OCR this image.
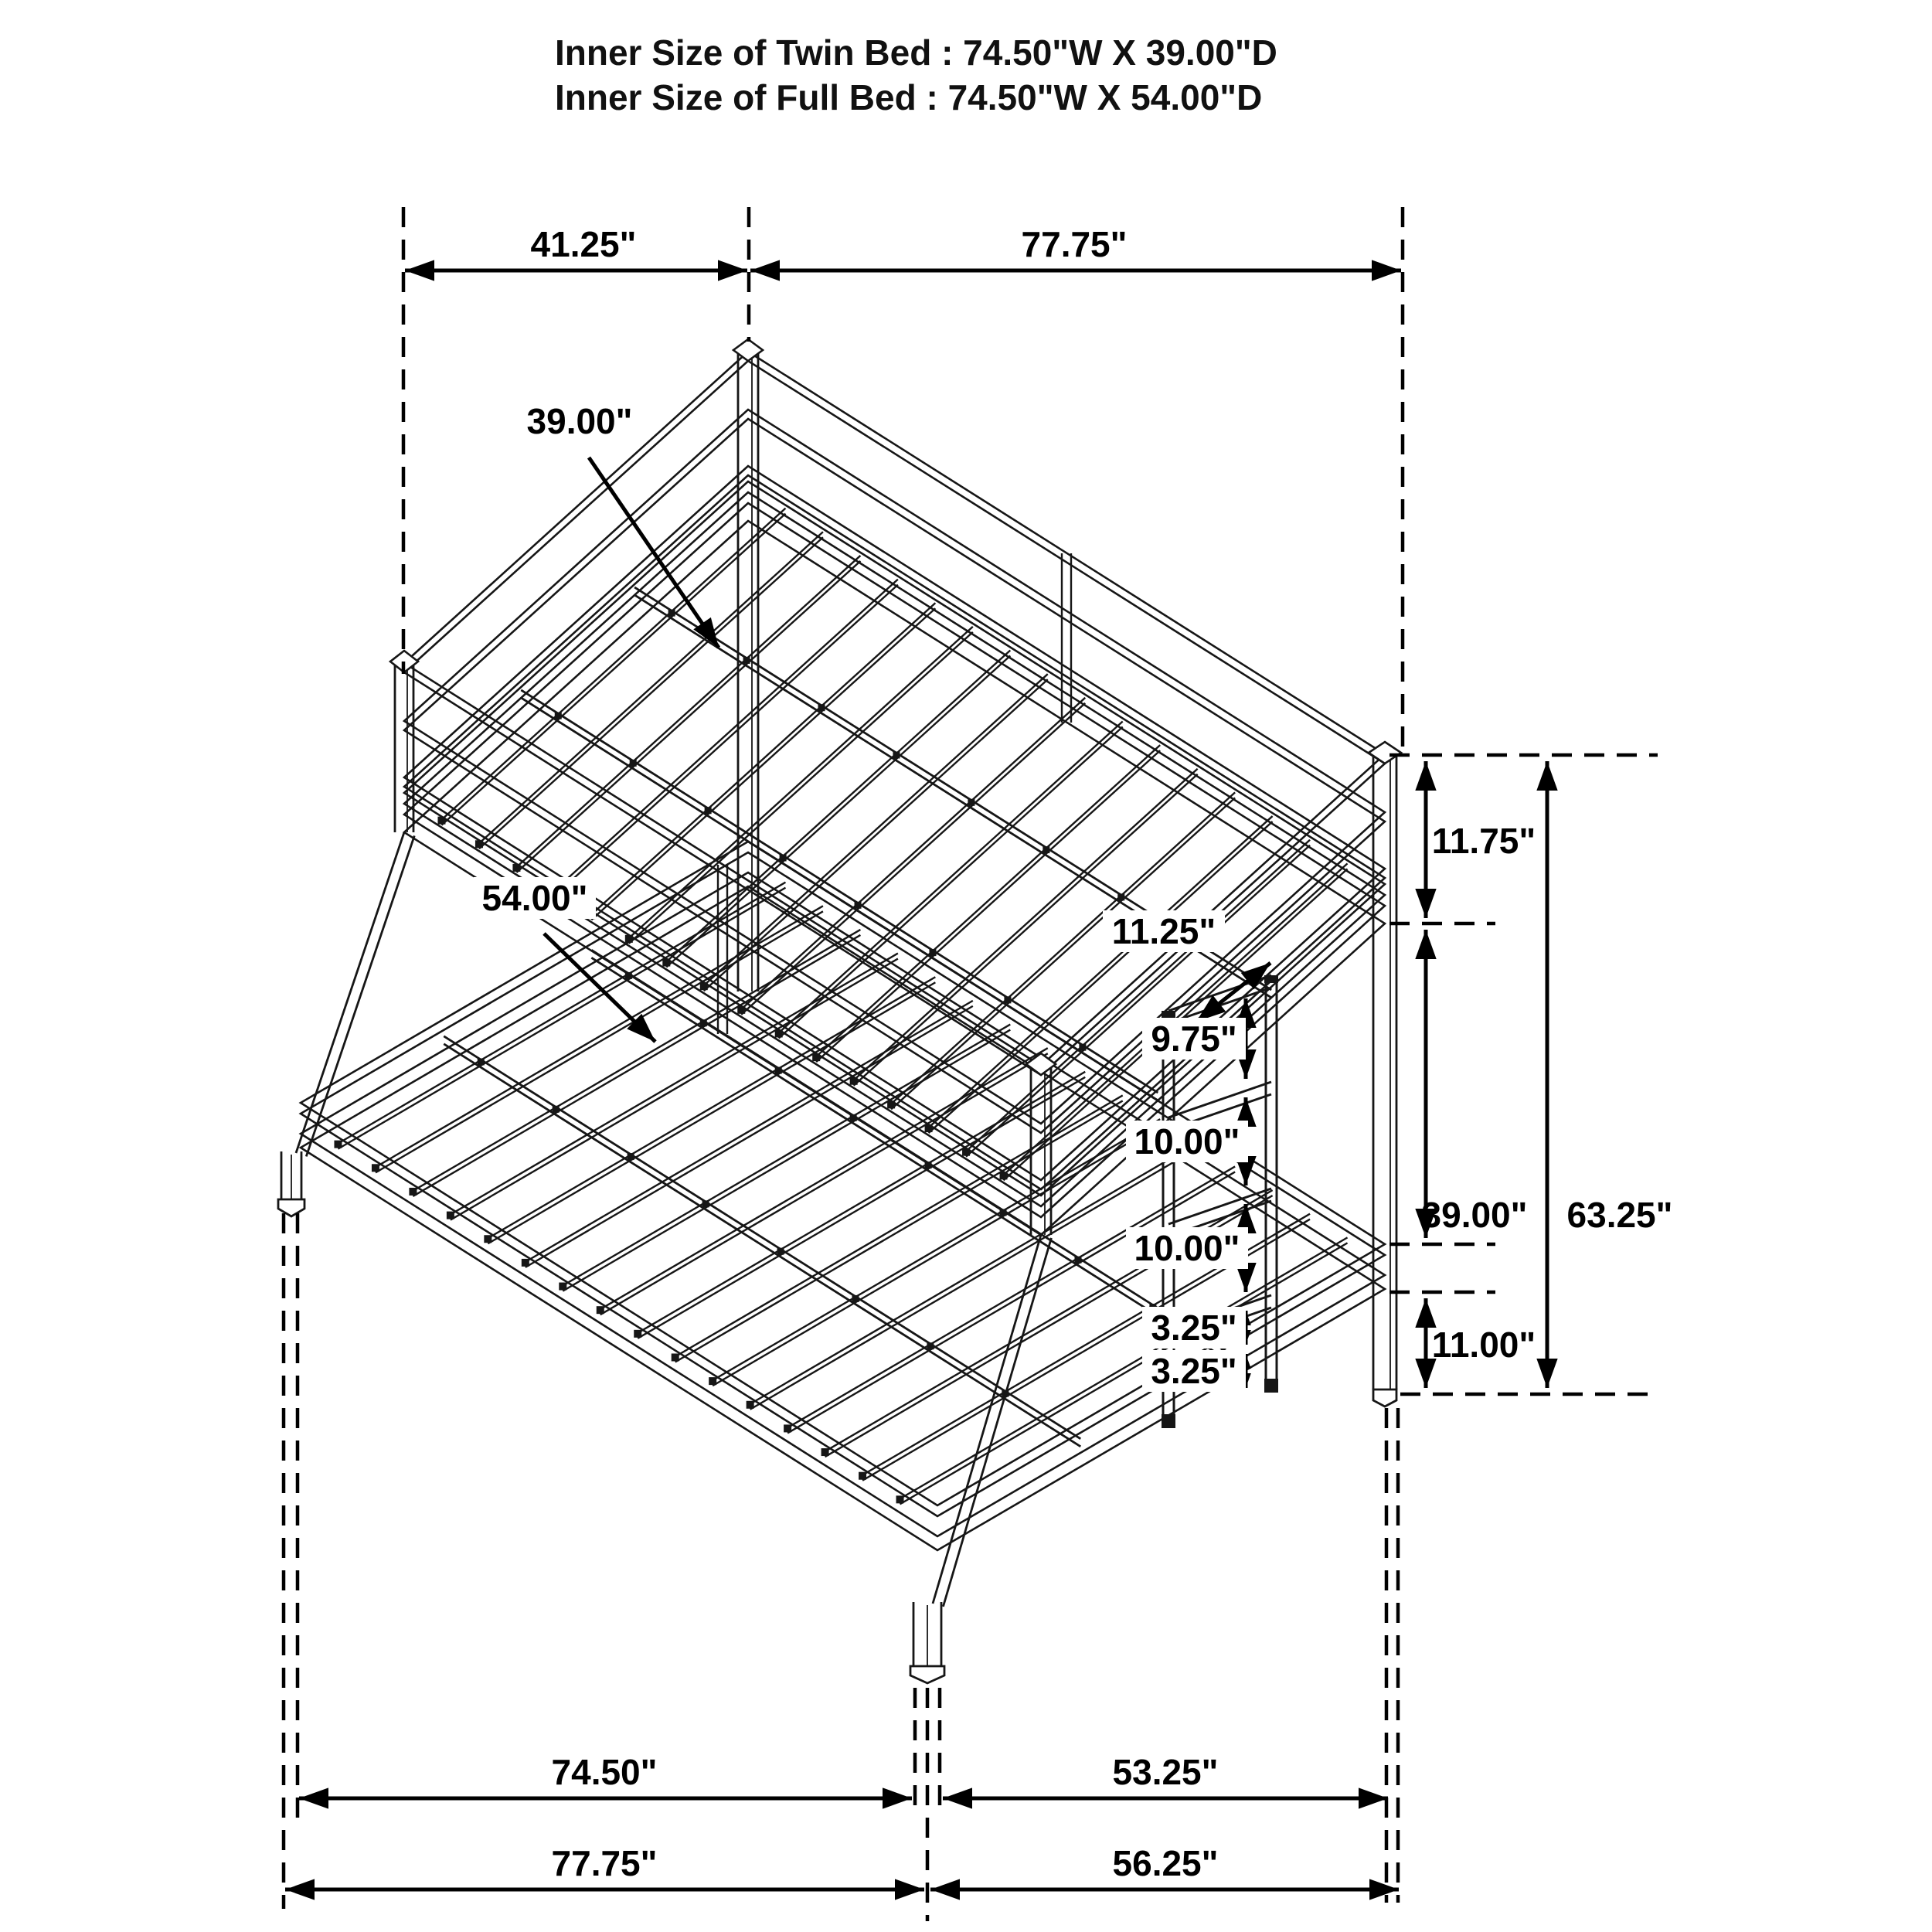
Inner Size of Twin Bed : 74.50"W X 39.00"D
Inner Size of Full Bed : 74.50"W X 54.00"D
41.25"	77.75"
39.00"
54.00"
11.75"
39.00" 63.25"
11.00"
11.25"
9.75"
10.00"
10.00"
3.25"
3.25"
74.50"	53.25"
77.75"	56.25"
